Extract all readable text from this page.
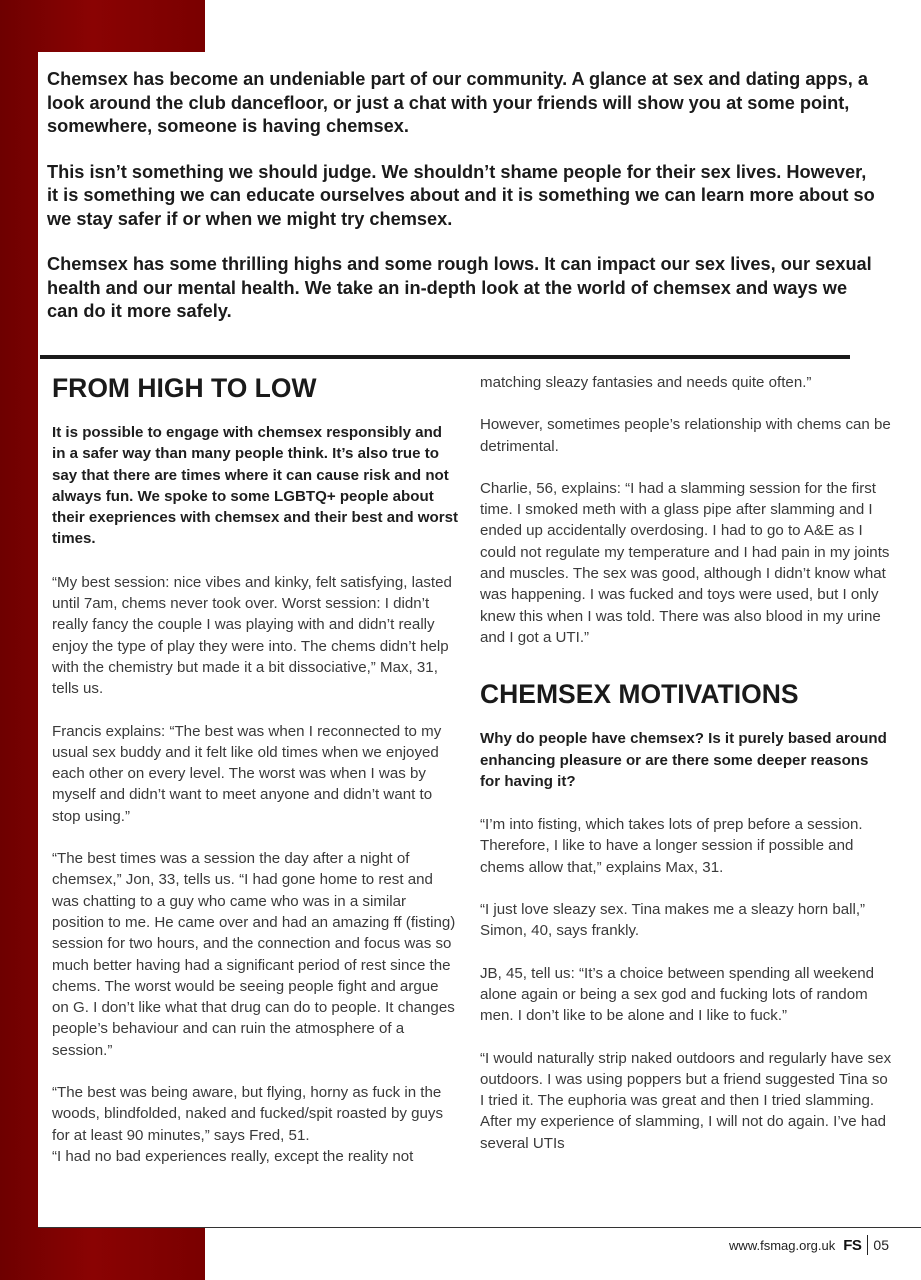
Chemsex has become an undeniable part of our community. A glance at sex and dating apps, a look around the club dancefloor, or just a chat with your friends will show you at some point, somewhere, someone is having chemsex.

This isn’t something we should judge. We shouldn’t shame people for their sex lives. However, it is something we can educate ourselves about and it is something we can learn more about so we stay safer if or when we might try chemsex.

Chemsex has some thrilling highs and some rough lows. It can impact our sex lives, our sexual health and our mental health. We take an in-depth look at the world of chemsex and ways we can do it more safely.

FROM HIGH TO LOW

It is possible to engage with chemsex responsibly and in a safer way than many people think. It’s also true to say that there are times where it can cause risk and not always fun. We spoke to some LGBTQ+ people about their exepriences with chemsex and their best and worst times.

“My best session: nice vibes and kinky, felt satisfying, lasted until 7am, chems never took over. Worst session: I didn’t really fancy the couple I was playing with and didn’t really enjoy the type of play they were into. The chems didn’t help with the chemistry but made it a bit dissociative,” Max, 31, tells us.

Francis explains: “The best was when I reconnected to my usual sex buddy and it felt like old times when we enjoyed each other on every level. The worst was when I was by myself and didn’t want to meet anyone and didn’t want to stop using.”

“The best times was a session the day after a night of chemsex,” Jon, 33, tells us. “I had gone home to rest and was chatting to a guy who came who was in a similar position to me. He came over and had an amazing ff (fisting) session for two hours, and the connection and focus was so much better having had a significant period of rest since the chems. The worst would be seeing people fight and argue on G. I don’t like what that drug can do to people. It changes people’s behaviour and can ruin the atmosphere of a session.”

“The best was being aware, but flying, horny as fuck in the woods, blindfolded, naked and fucked/spit roasted by guys for at least 90 minutes,” says Fred, 51.

“I had no bad experiences really, except the reality not

matching sleazy fantasies and needs quite often.”

However, sometimes people’s relationship with chems can be detrimental.

Charlie, 56, explains: “I had a slamming session for the first time. I smoked meth with a glass pipe after slamming and I ended up accidentally overdosing. I had to go to A&E as I could not regulate my temperature and I had pain in my joints and muscles. The sex was good, although I didn’t know what was happening. I was fucked and toys were used, but I only knew this when I was told. There was also blood in my urine and I got a UTI.”

CHEMSEX MOTIVATIONS

Why do people have chemsex? Is it purely based around enhancing pleasure or are there some deeper reasons for having it?

“I’m into fisting, which takes lots of prep before a session. Therefore, I like to have a longer session if possible and chems allow that,” explains Max, 31.

“I just love sleazy sex. Tina makes me a sleazy horn ball,” Simon, 40, says frankly.

JB, 45, tell us: “It’s a choice between spending all weekend alone again or being a sex god and fucking lots of random men. I don’t like to be alone and I like to fuck.”

“I would naturally strip naked outdoors and regularly have sex outdoors. I was using poppers but a friend suggested Tina so I tried it. The euphoria was great and then I tried slamming. After my experience of slamming, I will not do again. I’ve had several UTIs

www.fsmag.org.uk FS 05
